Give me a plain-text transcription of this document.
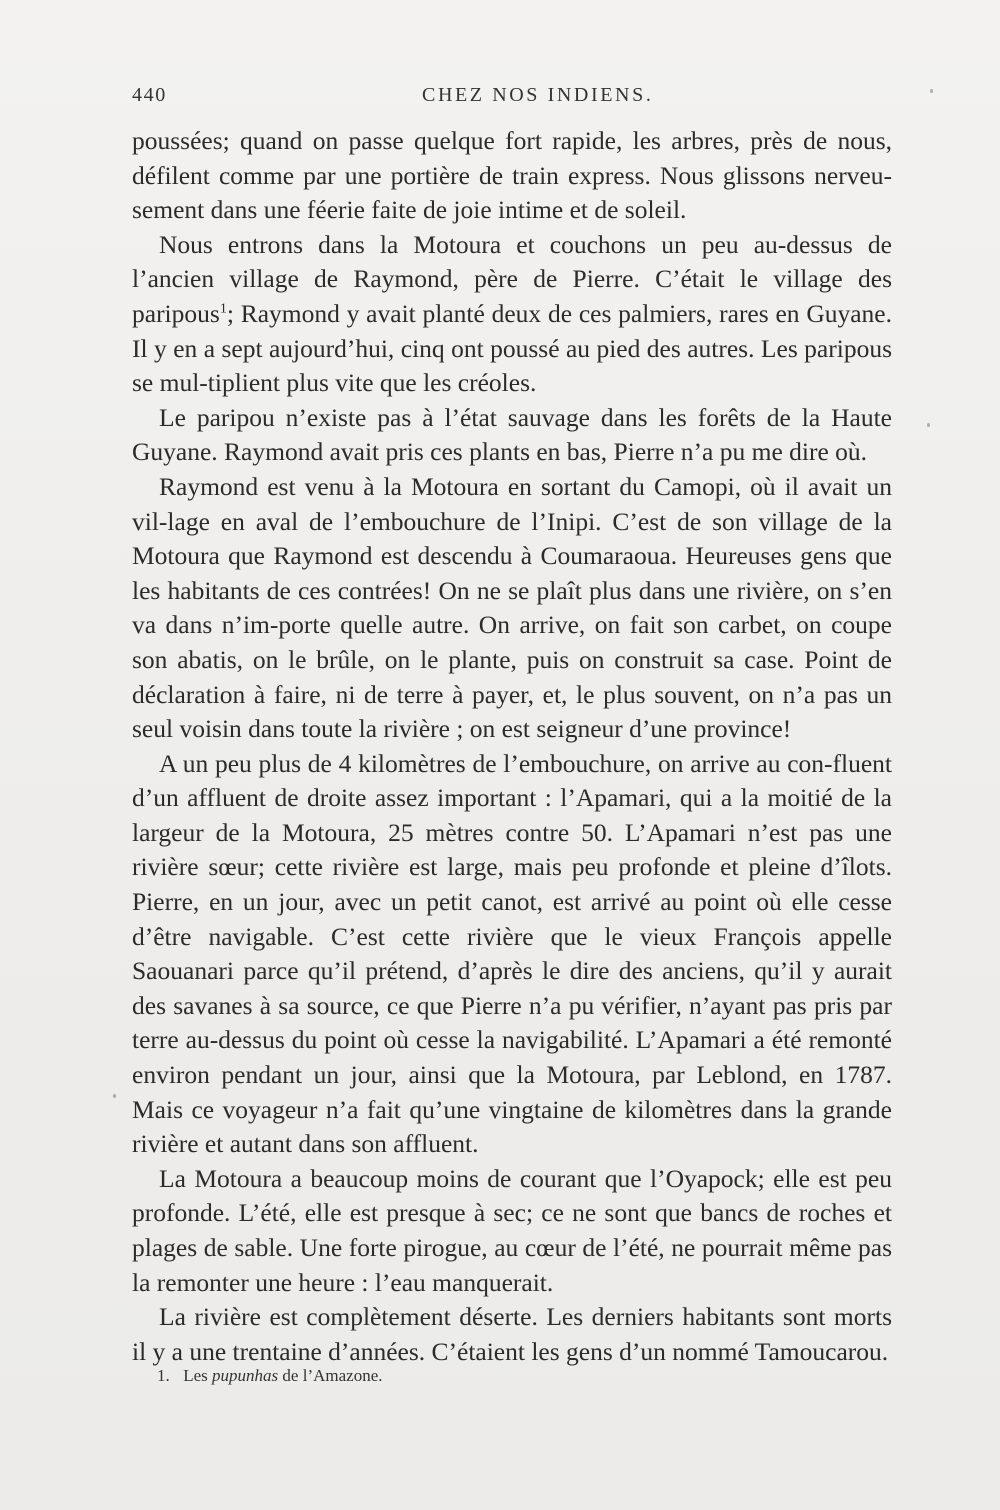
440	CHEZ NOS INDIENS.

poussées; quand on passe quelque fort rapide, les arbres, près de nous, défilent comme par une portière de train express. Nous glissons nerveu-sement dans une féerie faite de joie intime et de soleil.

Nous entrons dans la Motoura et couchons un peu au-dessus de l’ancien village de Raymond, père de Pierre. C’était le village des paripous$^1$; Raymond y avait planté deux de ces palmiers, rares en Guyane. Il y en a sept aujourd’hui, cinq ont poussé au pied des autres. Les paripous se mul-tiplient plus vite que les créoles.

Le paripou n’existe pas à l’état sauvage dans les forêts de la Haute Guyane. Raymond avait pris ces plants en bas, Pierre n’a pu me dire où.

Raymond est venu à la Motoura en sortant du Camopi, où il avait un vil-lage en aval de l’embouchure de l’Inipi. C’est de son village de la Motoura que Raymond est descendu à Coumaraoua. Heureuses gens que les habitants de ces contrées! On ne se plaît plus dans une rivière, on s’en va dans n’im-porte quelle autre. On arrive, on fait son carbet, on coupe son abatis, on le brûle, on le plante, puis on construit sa case. Point de déclaration à faire, ni de terre à payer, et, le plus souvent, on n’a pas un seul voisin dans toute la rivière ; on est seigneur d’une province!

A un peu plus de 4 kilomètres de l’embouchure, on arrive au con-fluent d’un affluent de droite assez important : l’Apamari, qui a la moitié de la largeur de la Motoura, 25 mètres contre 50. L’Apamari n’est pas une rivière sœur; cette rivière est large, mais peu profonde et pleine d’îlots. Pierre, en un jour, avec un petit canot, est arrivé au point où elle cesse d’être navigable. C’est cette rivière que le vieux François appelle Saouanari parce qu’il prétend, d’après le dire des anciens, qu’il y aurait des savanes à sa source, ce que Pierre n’a pu vérifier, n’ayant pas pris par terre au-dessus du point où cesse la navigabilité. L’Apamari a été remonté environ pendant un jour, ainsi que la Motoura, par Leblond, en 1787. Mais ce voyageur n’a fait qu’une vingtaine de kilomètres dans la grande rivière et autant dans son affluent.

La Motoura a beaucoup moins de courant que l’Oyapock; elle est peu profonde. L’été, elle est presque à sec; ce ne sont que bancs de roches et plages de sable. Une forte pirogue, au cœur de l’été, ne pourrait même pas la remonter une heure : l’eau manquerait.

La rivière est complètement déserte. Les derniers habitants sont morts il y a une trentaine d’années. C’étaient les gens d’un nommé Tamoucarou.

1. Les pupunhas de l’Amazone.
